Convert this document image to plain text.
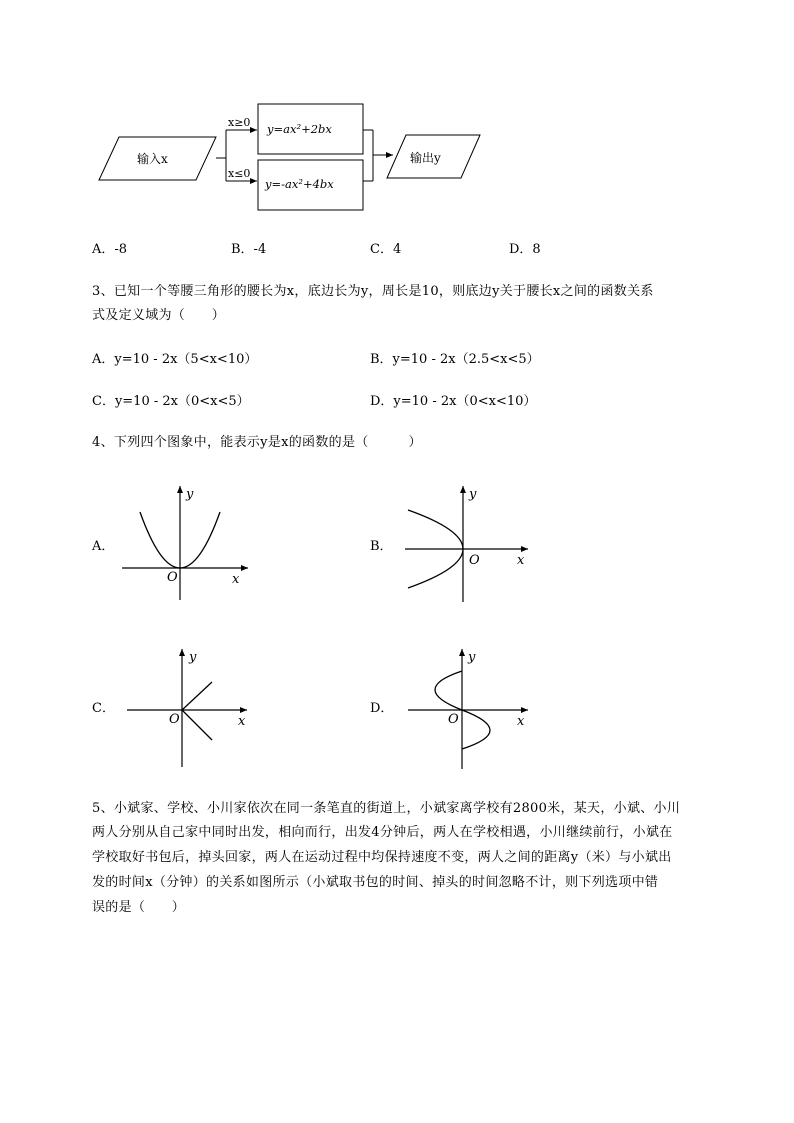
输入x
x≥0
x≤0
y=ax²+2bx
y=-ax²+4bx
输出y
A．-8	B．-4	C．4	D．8
3、已知一个等腰三角形的腰长为x，底边长为y，周长是10，则底边y关于腰长x之间的函数关系
式及定义域为（　　）
A．y=10 - 2x（5<x<10）	B．y=10 - 2x（2.5<x<5）
C．y=10 - 2x（0<x<5）	D．y=10 - 2x（0<x<10）
4、下列四个图象中，能表示y是x的函数的是（　　　）
A．	B．
C．	D．
y
x
O
y
x
O
y
x
O
y
x
O
5、小斌家、学校、小川家依次在同一条笔直的街道上，小斌家离学校有2800米，某天，小斌、小川
两人分别从自己家中同时出发，相向而行，出发4分钟后，两人在学校相遇，小川继续前行，小斌在
学校取好书包后，掉头回家，两人在运动过程中均保持速度不变，两人之间的距离y（米）与小斌出
发的时间x（分钟）的关系如图所示（小斌取书包的时间、掉头的时间忽略不计，则下列选项中错
误的是（　　）
